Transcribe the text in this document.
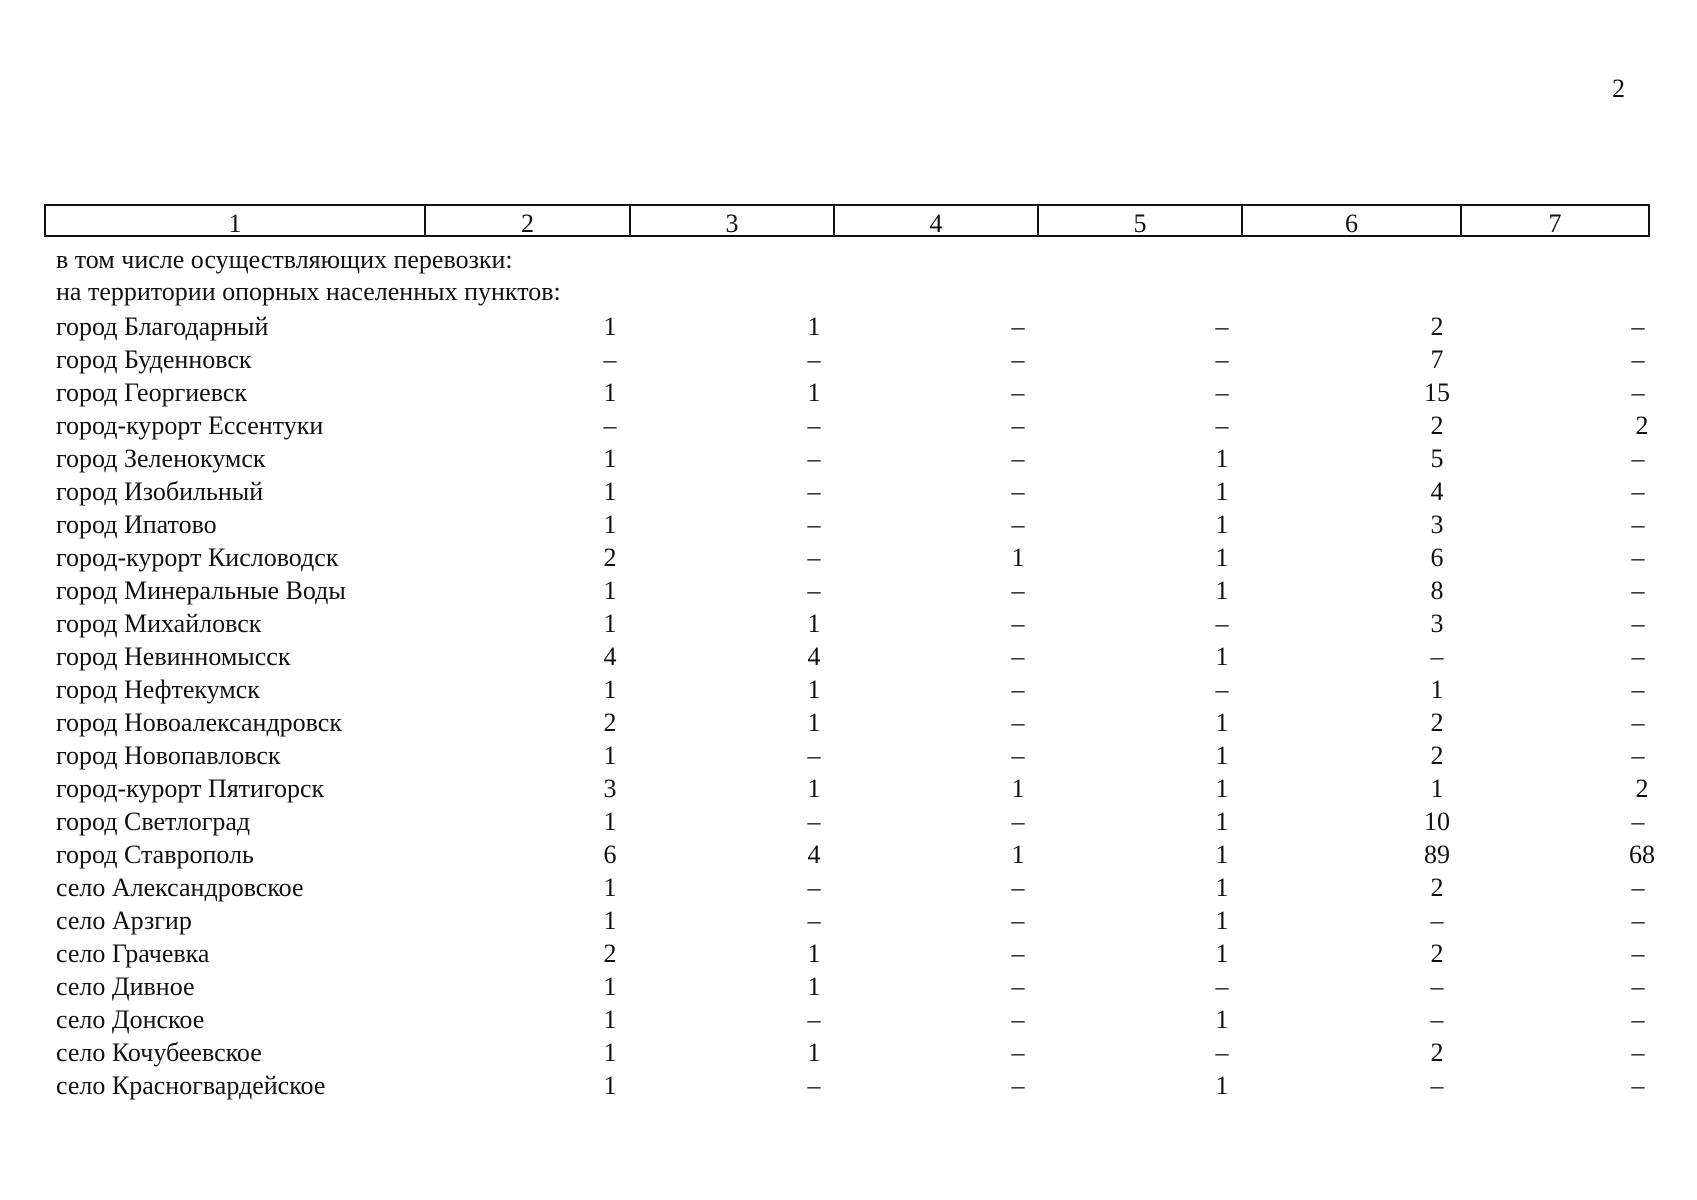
2
1	2	3	4	5	6	7
в том числе осуществляющих перевозки:
на территории опорных населенных пунктов:
город Благодарный	1	1	–	–	2	–
город Буденновск	–	–	–	–	7	–
город Георгиевск	1	1	–	–	15	–
город-курорт Ессентуки	–	–	–	–	2	2
город Зеленокумск	1	–	–	1	5	–
город Изобильный	1	–	–	1	4	–
город Ипатово	1	–	–	1	3	–
город-курорт Кисловодск	2	–	1	1	6	–
город Минеральные Воды	1	–	–	1	8	–
город Михайловск	1	1	–	–	3	–
город Невинномысск	4	4	–	1	–	–
город Нефтекумск	1	1	–	–	1	–
город Новоалександровск	2	1	–	1	2	–
город Новопавловск	1	–	–	1	2	–
город-курорт Пятигорск	3	1	1	1	1	2
город Светлоград	1	–	–	1	10	–
город Ставрополь	6	4	1	1	89	68
село Александровское	1	–	–	1	2	–
село Арзгир	1	–	–	1	–	–
село Грачевка	2	1	–	1	2	–
село Дивное	1	1	–	–	–	–
село Донское	1	–	–	1	–	–
село Кочубеевское	1	1	–	–	2	–
село Красногвардейское	1	–	–	1	–	–
